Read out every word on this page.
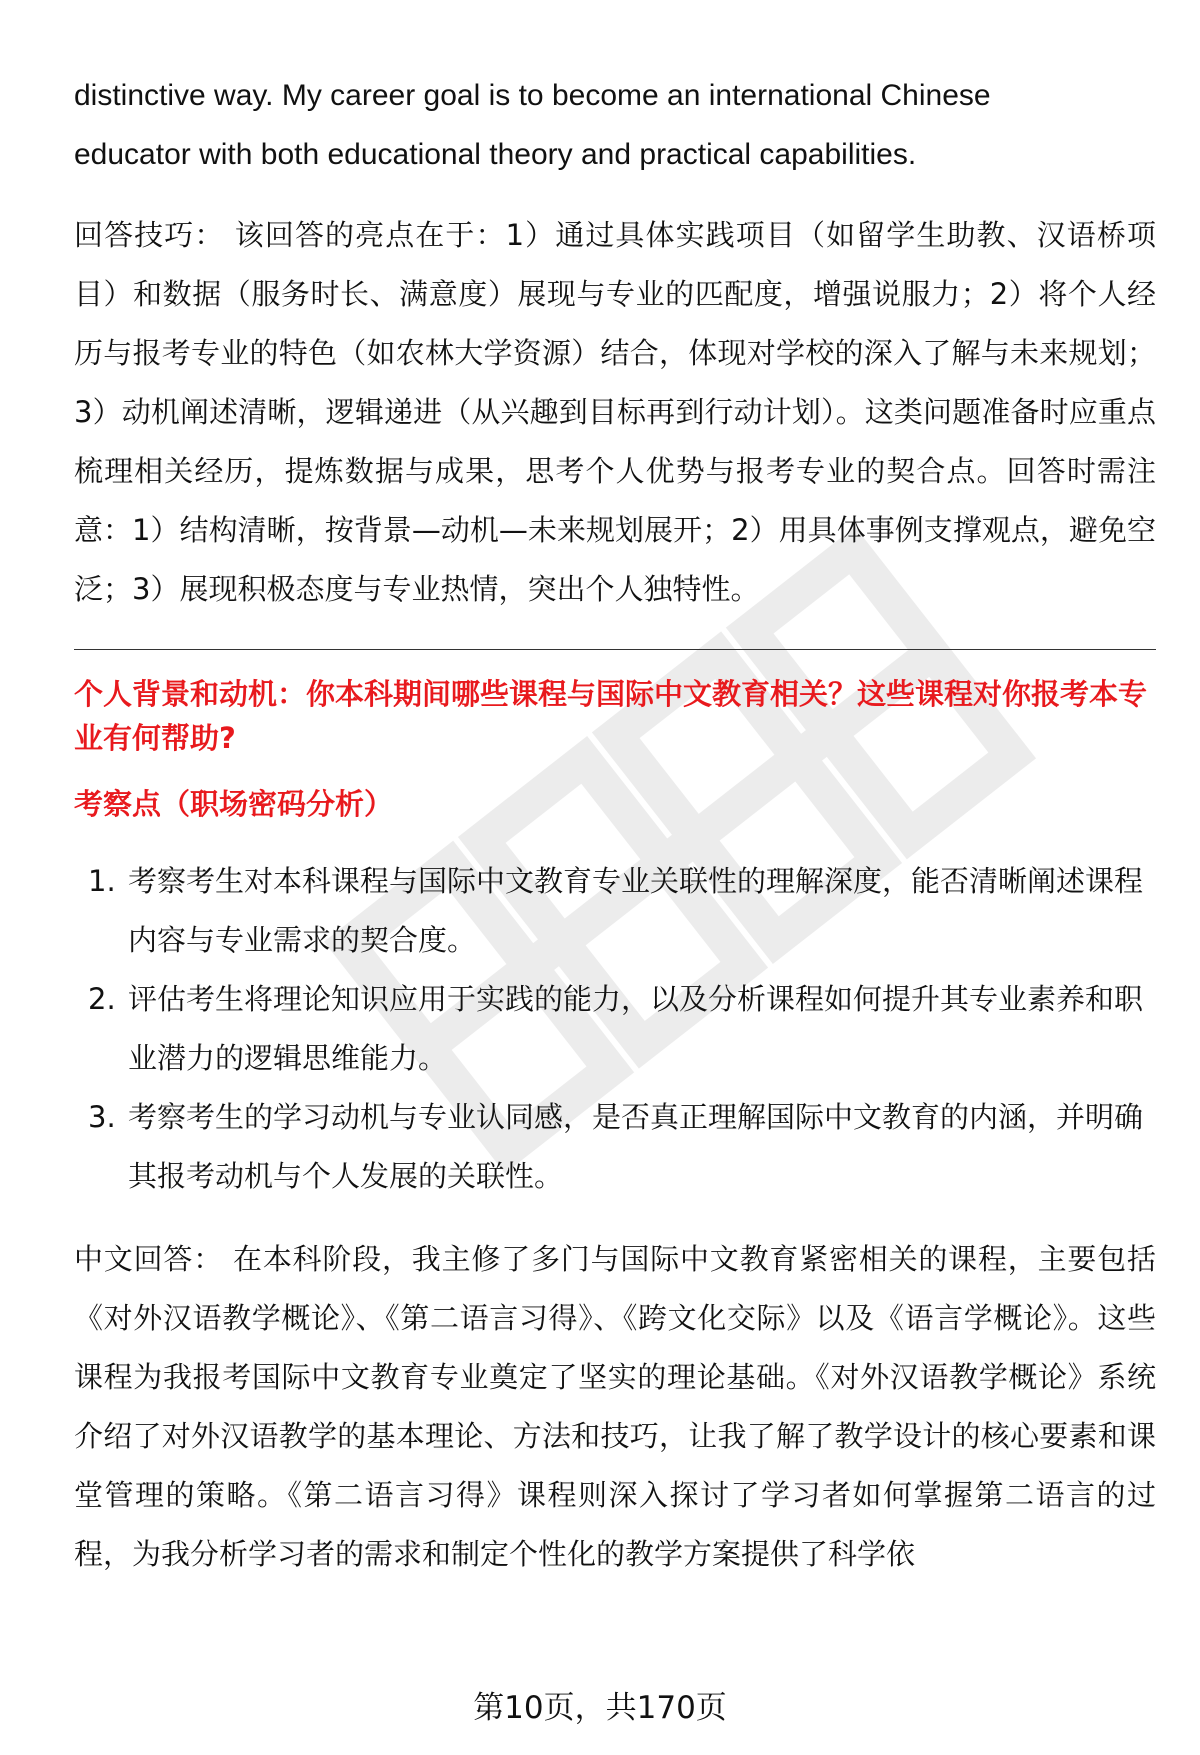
distinctive way. My career goal is to become an international Chinese

educator with both educational theory and practical capabilities.

回答技巧： 该回答的亮点在于：1）通过具体实践项目（如留学生助教、汉语桥项目）和数据（服务时长、满意度）展现与专业的匹配度，增强说服力；2）将个人经历与报考专业的特色（如农林大学资源）结合，体现对学校的深入了解与未来规划；3）动机阐述清晰，逻辑递进（从兴趣到目标再到行动计划）。这类问题准备时应重点梳理相关经历，提炼数据与成果，思考个人优势与报考专业的契合点。回答时需注意：1）结构清晰，按背景—动机—未来规划展开；2）用具体事例支撑观点，避免空泛；3）展现积极态度与专业热情，突出个人独特性。

个人背景和动机：你本科期间哪些课程与国际中文教育相关？这些课程对你报考本专业有何帮助?

考察点（职场密码分析）

1. 考察考生对本科课程与国际中文教育专业关联性的理解深度，能否清晰阐述课程内容与专业需求的契合度。
2. 评估考生将理论知识应用于实践的能力，以及分析课程如何提升其专业素养和职业潜力的逻辑思维能力。
3. 考察考生的学习动机与专业认同感，是否真正理解国际中文教育的内涵，并明确其报考动机与个人发展的关联性。

中文回答： 在本科阶段，我主修了多门与国际中文教育紧密相关的课程，主要包括《对外汉语教学概论》、《第二语言习得》、《跨文化交际》以及《语言学概论》。这些课程为我报考国际中文教育专业奠定了坚实的理论基础。《对外汉语教学概论》系统介绍了对外汉语教学的基本理论、方法和技巧，让我了解了教学设计的核心要素和课堂管理的策略。《第二语言习得》课程则深入探讨了学习者如何掌握第二语言的过程，为我分析学习者的需求和制定个性化的教学方案提供了科学依

第10页，共170页
